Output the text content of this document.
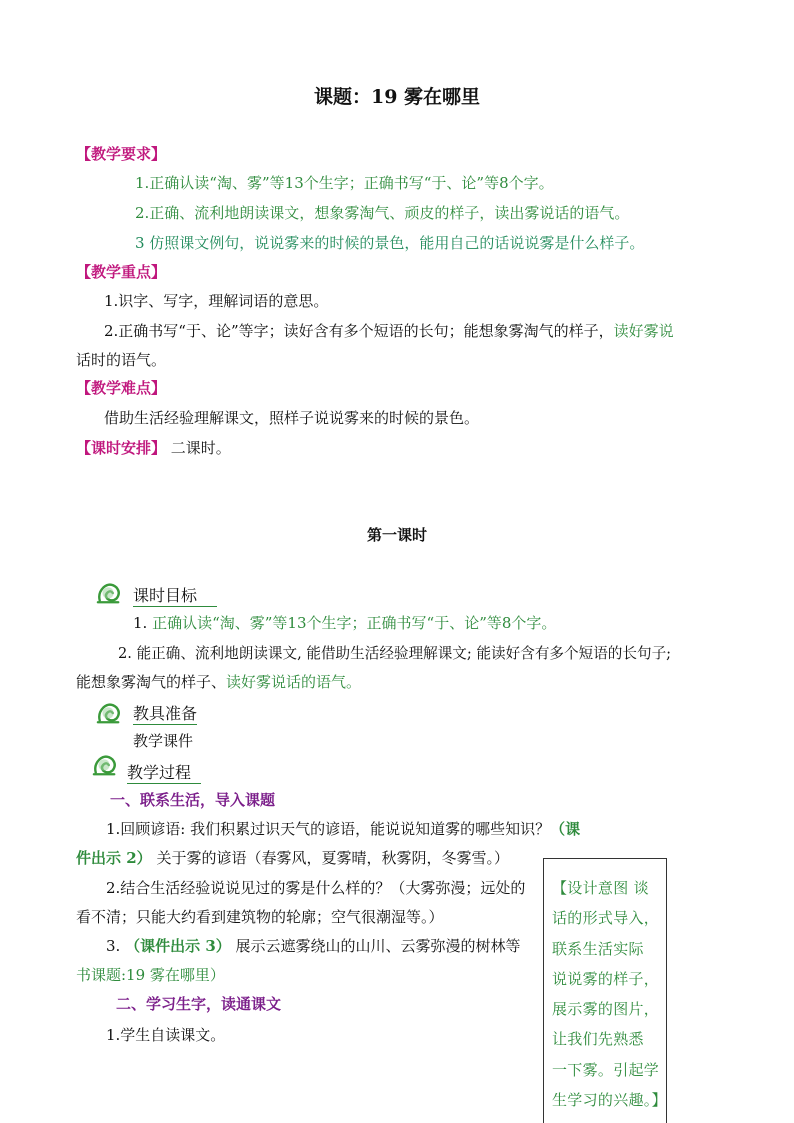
课题：19 雾在哪里
【教学要求】
1.正确认读“淘、雾”等13个生字；正确书写“于、论”等8个字。
2.正确、流利地朗读课文，想象雾淘气、顽皮的样子，读出雾说话的语气。
3 仿照课文例句，说说雾来的时候的景色，能用自己的话说说雾是什么样子。
【教学重点】
1.识字、写字，理解词语的意思。
2.正确书写“于、论”等字；读好含有多个短语的长句；能想象雾淘气的样子，读好雾说
话时的语气。
【教学难点】
借助生活经验理解课文，照样子说说雾来的时候的景色。
【课时安排】 二课时。
第一课时
课时目标
1. 正确认读“淘、雾”等13个生字；正确书写“于、论”等8个字。
2. 能正确、流利地朗读课文, 能借助生活经验理解课文; 能读好含有多个短语的长句子;
能想象雾淘气的样子、读好雾说话的语气。
教具准备
教学课件
教学过程
一、联系生活，导入课题
1.回顾谚语: 我们积累过识天气的谚语，能说说知道雾的哪些知识？（课
件出示 2） 关于雾的谚语（春雾风，夏雾晴，秋雾阴，冬雾雪。）
2.结合生活经验说说见过的雾是什么样的？（大雾弥漫；远处的
看不清；只能大约看到建筑物的轮廓；空气很潮湿等。）
3. （课件出示 3） 展示云遮雾绕山的山川、云雾弥漫的树林等
书课题:19 雾在哪里）
二、学习生字，读通课文
1.学生自读课文。
【设计意图 谈
话的形式导入，
联系生活实际
说说雾的样子，
展示雾的图片，
让我们先熟悉
一下雾。引起学
生学习的兴趣。】
